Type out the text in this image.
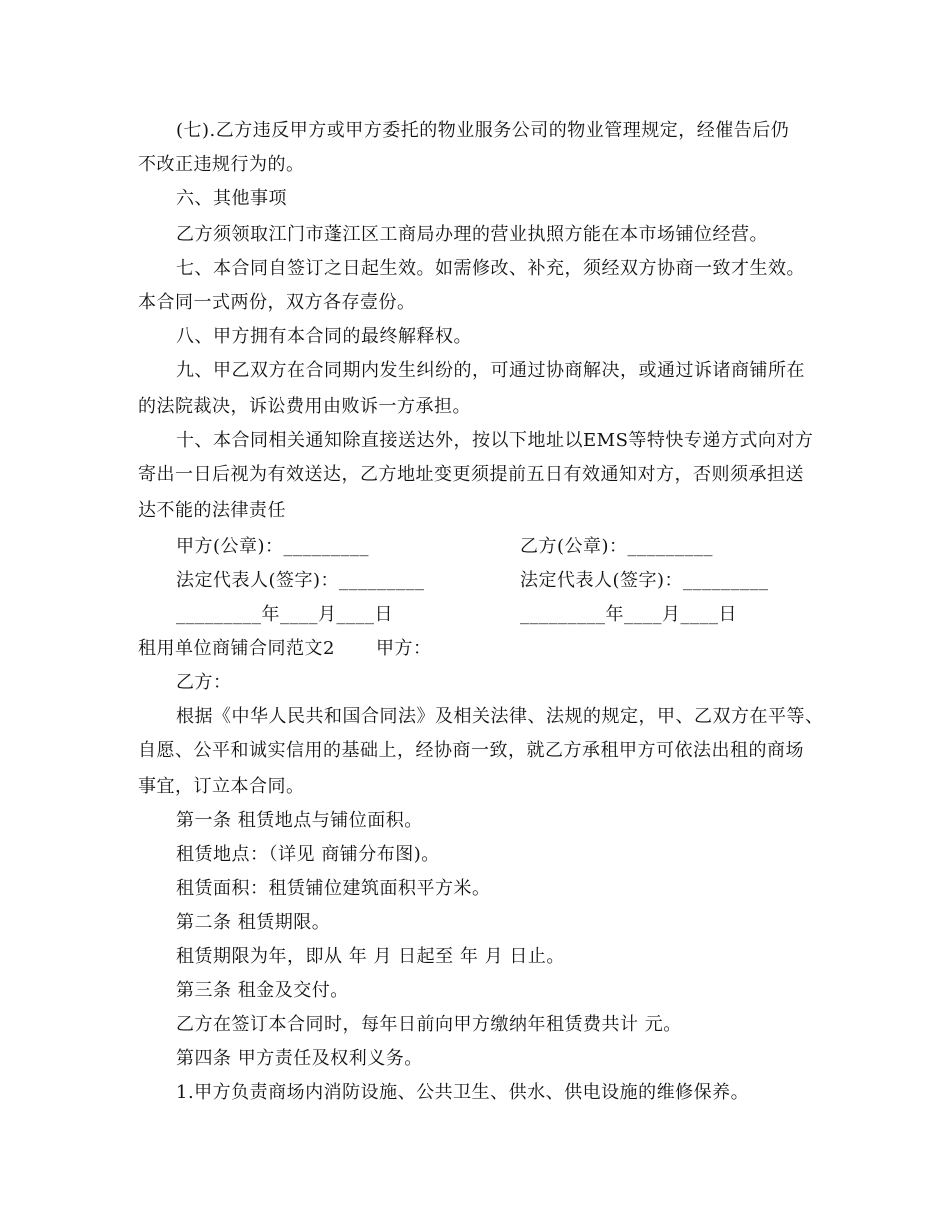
(七).乙方违反甲方或甲方委托的物业服务公司的物业管理规定，经催告后仍
不改正违规行为的。
六、其他事项
乙方须领取江门市蓬江区工商局办理的营业执照方能在本市场铺位经营。
七、本合同自签订之日起生效。如需修改、补充，须经双方协商一致才生效。
本合同一式两份，双方各存壹份。
八、甲方拥有本合同的最终解释权。
九、甲乙双方在合同期内发生纠纷的，可通过协商解决，或通过诉诸商铺所在
的法院裁决，诉讼费用由败诉一方承担。
十、本合同相关通知除直接送达外，按以下地址以EMS等特快专递方式向对方
寄出一日后视为有效送达，乙方地址变更须提前五日有效通知对方，否则须承担送
达不能的法律责任
甲方(公章)：_________	乙方(公章)：_________
法定代表人(签字)：_________	法定代表人(签字)：_________
_________年____月____日	_________年____月____日
租用单位商铺合同范文2 甲方：
乙方：
根据《中华人民共和国合同法》及相关法律、法规的规定，甲、乙双方在平等、
自愿、公平和诚实信用的基础上，经协商一致，就乙方承租甲方可依法出租的商场
事宜，订立本合同。
第一条 租赁地点与铺位面积。
租赁地点：（详见 商铺分布图)。
租赁面积：租赁铺位建筑面积平方米。
第二条 租赁期限。
租赁期限为年，即从 年 月 日起至 年 月 日止。
第三条 租金及交付。
乙方在签订本合同时，每年日前向甲方缴纳年租赁费共计 元。
第四条 甲方责任及权利义务。
1.甲方负责商场内消防设施、公共卫生、供水、供电设施的维修保养。
